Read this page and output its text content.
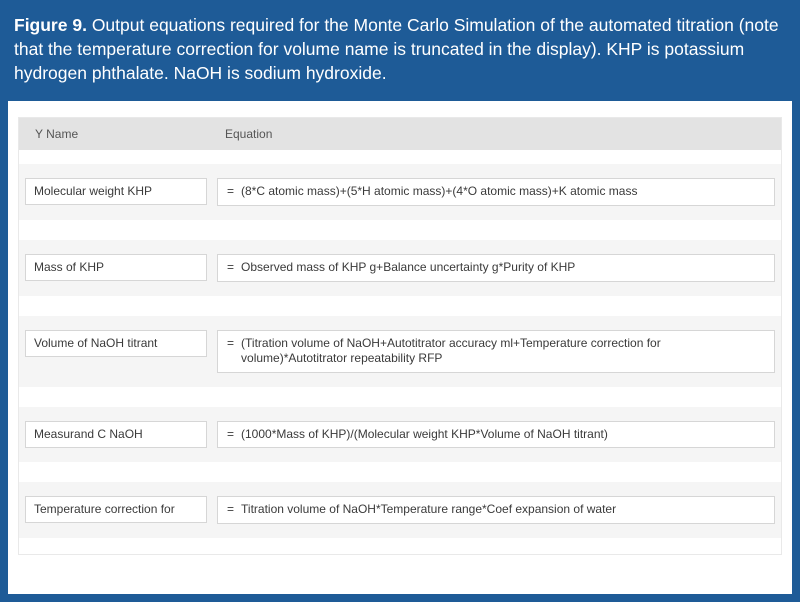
Figure 9. Output equations required for the Monte Carlo Simulation of the automated titration (note that the temperature correction for volume name is truncated in the display). KHP is potassium hydrogen phthalate. NaOH is sodium hydroxide.
Y Name	Equation
Molecular weight KHP	= (8*C atomic mass)+(5*H atomic mass)+(4*O atomic mass)+K atomic mass
Mass of KHP	= Observed mass of KHP g+Balance uncertainty g*Purity of KHP
Volume of NaOH titrant	= (Titration volume of NaOH+Autotitrator accuracy ml+Temperature correction for volume)*Autotitrator repeatability RFP
Measurand C NaOH	= (1000*Mass of KHP)/(Molecular weight KHP*Volume of NaOH titrant)
Temperature correction for	= Titration volume of NaOH*Temperature range*Coef expansion of water
